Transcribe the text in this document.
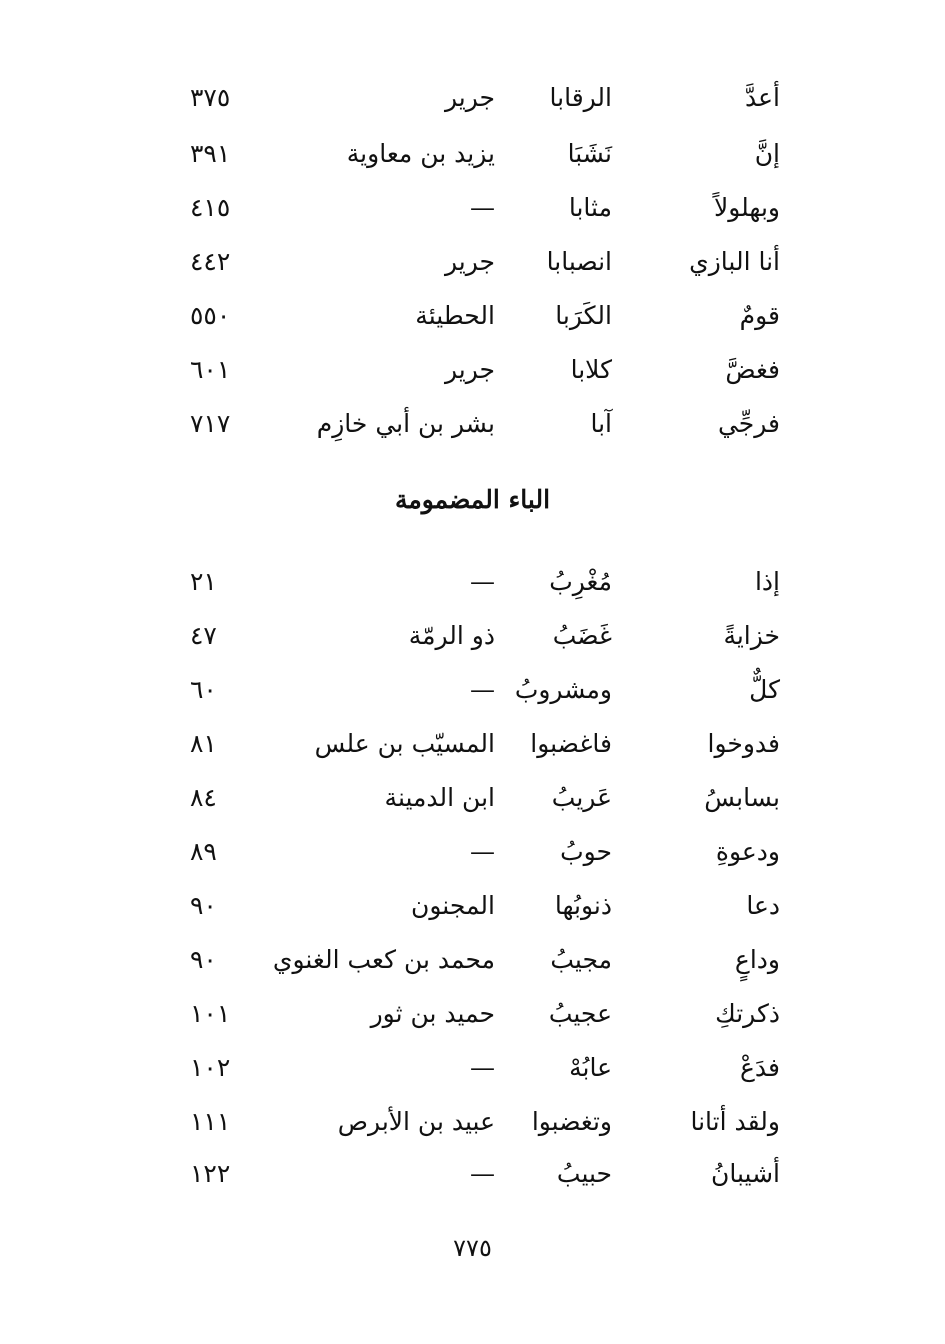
أعدَّ
الرقابا
جرير
٣٧٥
إنَّ
نَشَبَا
يزيد بن معاوية
٣٩١
وبهلولاً
مثابا
—
٤١٥
أنا البازي
انصبابا
جرير
٤٤٢
قومٌ
الكَرَبا
الحطيئة
٥٥٠
فغضَّ
كلابا
جرير
٦٠١
فرجِّي
آبا
بشر بن أبي خازِم
٧١٧
الباء المضمومة
إذا
مُغْرِبُ
—
٢١
خزايةً
غَضَبُ
ذو الرمّة
٤٧
كلٌّ
ومشروبُ
—
٦٠
فدوخوا
فاغضبوا
المسيّب بن علس
٨١
بسابسُ
عَريبُ
ابن الدمينة
٨٤
ودعوةِ
حوبُ
—
٨٩
دعا
ذنوبُها
المجنون
٩٠
وداعٍ
مجيبُ
محمد بن كعب الغنوي
٩٠
ذكرتكِ
عجيبُ
حميد بن ثور
١٠١
فدَعْ
عابُهْ
—
١٠٢
ولقد أتانا
وتغضبوا
عبيد بن الأبرص
١١١
أشيبانُ
حبيبُ
—
١٢٢
٧٧٥
